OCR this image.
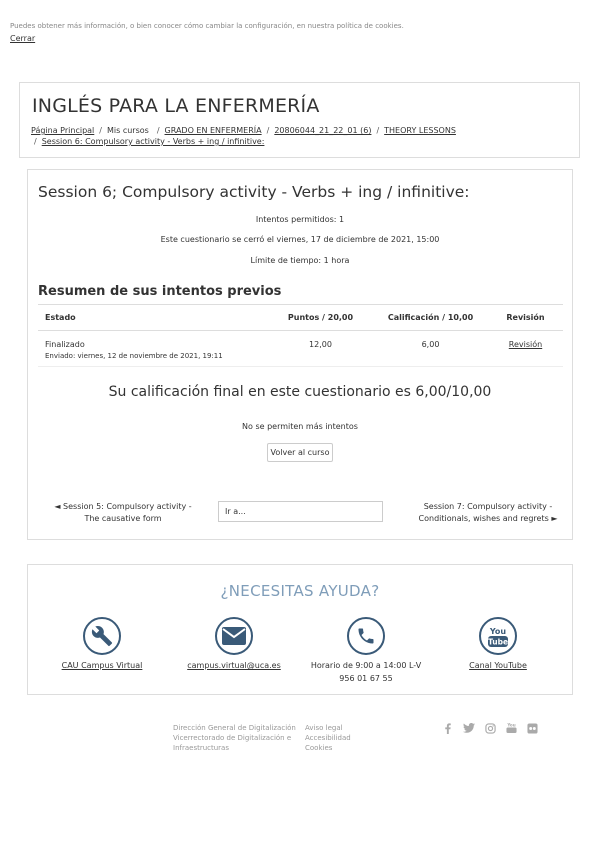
Puedes obtener más información, o bien conocer cómo cambiar la configuración, en nuestra política de cookies.
Cerrar
INGLÉS PARA LA ENFERMERÍA
Página Principal / Mis cursos / GRADO EN ENFERMERÍA / 20806044_21_22_01 (6) / THEORY LESSONS
/ Session 6: Compulsory activity - Verbs + ing / infinitive:
Session 6; Compulsory activity - Verbs + ing / infinitive:
Intentos permitidos: 1
Este cuestionario se cerró el viernes, 17 de diciembre de 2021, 15:00
Límite de tiempo: 1 hora
Resumen de sus intentos previos
Estado	Puntos / 20,00	Calificación / 10,00	Revisión
Finalizado
Enviado: viernes, 12 de noviembre de 2021, 19:11	12,00	6,00	Revisión
Su calificación final en este cuestionario es 6,00/10,00
No se permiten más intentos
Volver al curso
◄ Session 5: Compulsory activity - The causative form
Ir a...
Session 7: Compulsory activity - Conditionals, wishes and regrets ►
¿NECESITAS AYUDA?
CAU Campus Virtual	campus.virtual@uca.es	Horario de 9:00 a 14:00 L-V
956 01 67 55
You
Tube
Canal YouTube
Dirección General de Digitalización
Vicerrectorado de Digitalización e
Infraestructuras
Aviso legal
Accesibilidad
Cookies
You
